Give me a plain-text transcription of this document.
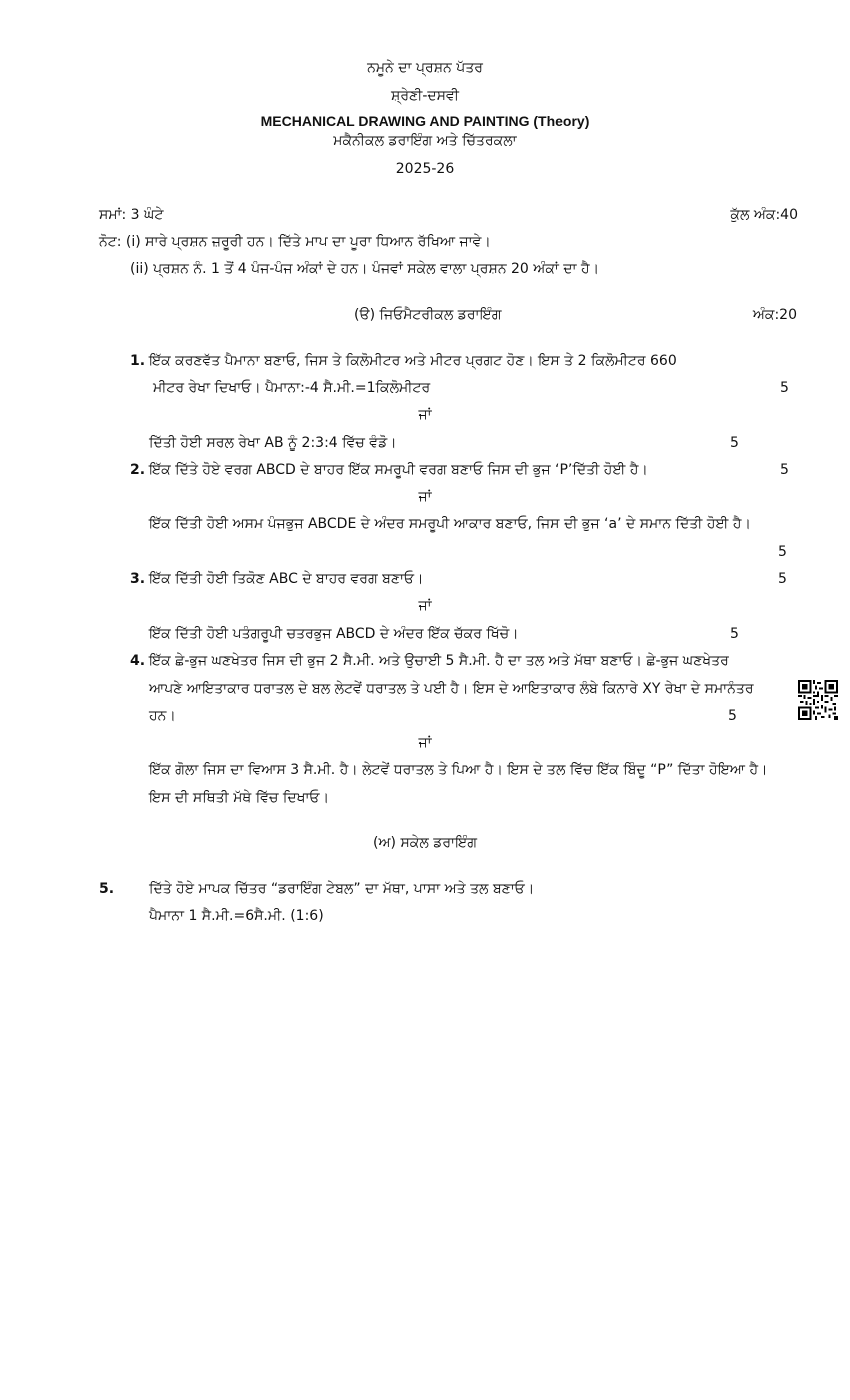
ਨਮੂਨੇ ਦਾ ਪ੍ਰਸ਼ਨ ਪੱਤਰ
ਸ਼੍ਰੇਣੀ-ਦਸਵੀ
MECHANICAL DRAWING AND PAINTING (Theory)
ਮਕੈਨੀਕਲ ਡਰਾਇੰਗ ਅਤੇ ਚਿੱਤਰਕਲਾ
2025-26
ਸਮਾਂ: 3 ਘੰਟੇ	ਕੁੱਲ ਅੰਕ:40
ਨੋਟ: (i) ਸਾਰੇ ਪ੍ਰਸ਼ਨ ਜ਼ਰੂਰੀ ਹਨ। ਦਿੱਤੇ ਮਾਪ ਦਾ ਪੂਰਾ ਧਿਆਨ ਰੱਖਿਆ ਜਾਵੇ।
(ii) ਪ੍ਰਸ਼ਨ ਨੰ. 1 ਤੋਂ 4 ਪੰਜ-ਪੰਜ ਅੰਕਾਂ ਦੇ ਹਨ। ਪੰਜਵਾਂ ਸਕੇਲ ਵਾਲਾ ਪ੍ਰਸ਼ਨ 20 ਅੰਕਾਂ ਦਾ ਹੈ।
(ੳ) ਜਿਓਮੈਟਰੀਕਲ ਡਰਾਇੰਗ	ਅੰਕ:20
1. ਇੱਕ ਕਰਣਵੱਤ ਪੈਮਾਨਾ ਬਣਾਓ, ਜਿਸ ਤੇ ਕਿਲੋਮੀਟਰ ਅਤੇ ਮੀਟਰ ਪ੍ਰਗਟ ਹੋਣ। ਇਸ ਤੇ 2 ਕਿਲੋਮੀਟਰ 660
ਮੀਟਰ ਰੇਖਾ ਦਿਖਾਓ। ਪੈਮਾਨਾ:-4 ਸੈ.ਮੀ.=1ਕਿਲੋਮੀਟਰ	5
ਜਾਂ
ਦਿੱਤੀ ਹੋਈ ਸਰਲ ਰੇਖਾ AB ਨੂੰ 2:3:4 ਵਿੱਚ ਵੰਡੋ।	5
2. ਇੱਕ ਦਿੱਤੇ ਹੋਏ ਵਰਗ ABCD ਦੇ ਬਾਹਰ ਇੱਕ ਸਮਰੂਪੀ ਵਰਗ ਬਣਾਓ ਜਿਸ ਦੀ ਭੁਜ ‘P’ਦਿੱਤੀ ਹੋਈ ਹੈ।	5
ਜਾਂ
ਇੱਕ ਦਿੱਤੀ ਹੋਈ ਅਸਮ ਪੰਜਭੁਜ ABCDE ਦੇ ਅੰਦਰ ਸਮਰੂਪੀ ਆਕਾਰ ਬਣਾਓ, ਜਿਸ ਦੀ ਭੁਜ ‘a’ ਦੇ ਸਮਾਨ ਦਿੱਤੀ ਹੋਈ ਹੈ।
5
3. ਇੱਕ ਦਿੱਤੀ ਹੋਈ ਤਿਕੋਣ ABC ਦੇ ਬਾਹਰ ਵਰਗ ਬਣਾਓ।	5
ਜਾਂ
ਇੱਕ ਦਿੱਤੀ ਹੋਈ ਪਤੰਗਰੂਪੀ ਚਤਰਭੁਜ ABCD ਦੇ ਅੰਦਰ ਇੱਕ ਚੱਕਰ ਖਿੱਚੋ।	5
4. ਇੱਕ ਛੇ-ਭੁਜ ਘਣਖੇਤਰ ਜਿਸ ਦੀ ਭੁਜ 2 ਸੈ.ਮੀ. ਅਤੇ ਉਚਾਈ 5 ਸੈ.ਮੀ. ਹੈ ਦਾ ਤਲ ਅਤੇ ਮੱਥਾ ਬਣਾਓ। ਛੇ-ਭੁਜ ਘਣਖੇਤਰ
ਆਪਣੇ ਆਇਤਾਕਾਰ ਧਰਾਤਲ ਦੇ ਬਲ ਲੇਟਵੇਂ ਧਰਾਤਲ ਤੇ ਪਈ ਹੈ। ਇਸ ਦੇ ਆਇਤਾਕਾਰ ਲੰਬੇ ਕਿਨਾਰੇ XY ਰੇਖਾ ਦੇ ਸਮਾਨੰਤਰ
ਹਨ।	5
ਜਾਂ
ਇੱਕ ਗੋਲਾ ਜਿਸ ਦਾ ਵਿਆਸ 3 ਸੈ.ਮੀ. ਹੈ। ਲੇਟਵੇਂ ਧਰਾਤਲ ਤੇ ਪਿਆ ਹੈ। ਇਸ ਦੇ ਤਲ ਵਿੱਚ ਇੱਕ ਬਿੰਦੂ “P” ਦਿੱਤਾ ਹੋਇਆ ਹੈ।
ਇਸ ਦੀ ਸਥਿਤੀ ਮੱਥੇ ਵਿੱਚ ਦਿਖਾਓ।
(ਅ) ਸਕੇਲ ਡਰਾਇੰਗ
5. ਦਿੱਤੇ ਹੋਏ ਮਾਪਕ ਚਿੱਤਰ “ਡਰਾਇੰਗ ਟੇਬਲ” ਦਾ ਮੱਥਾ, ਪਾਸਾ ਅਤੇ ਤਲ ਬਣਾਓ।
ਪੈਮਾਨਾ 1 ਸੈ.ਮੀ.=6ਸੈ.ਮੀ. (1:6)
